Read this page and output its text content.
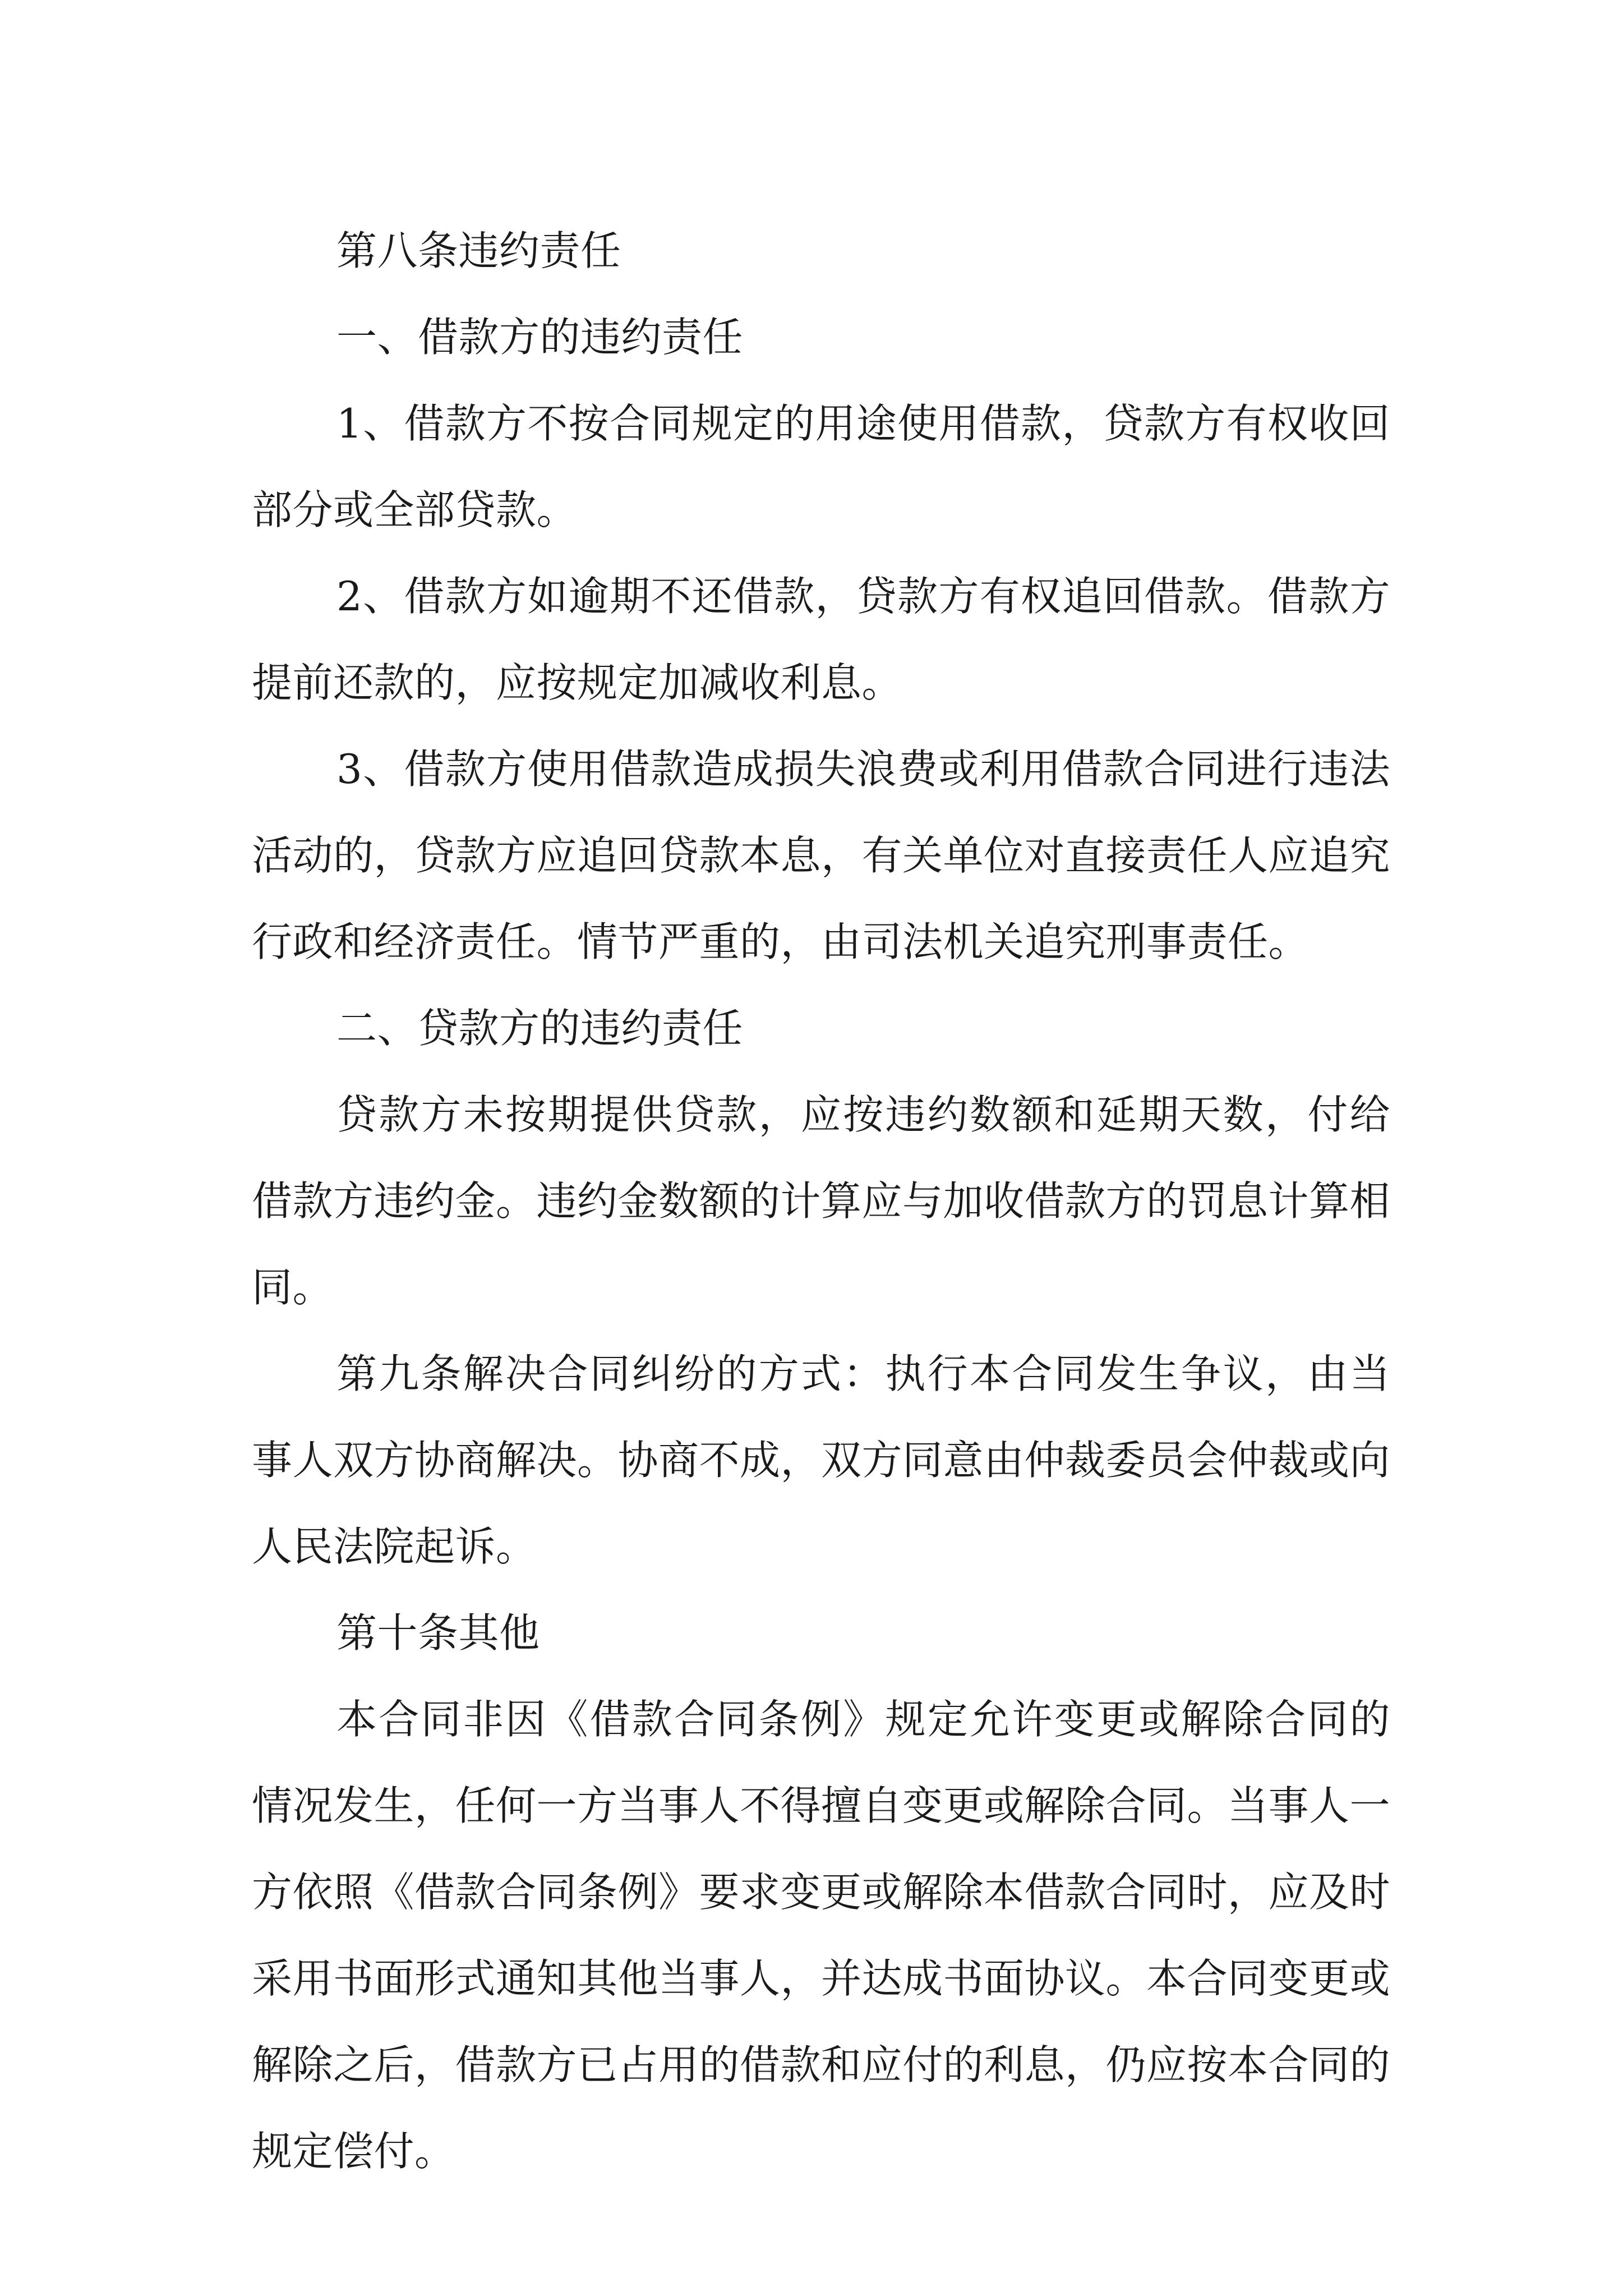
第八条违约责任

一、借款方的违约责任

1、借款方不按合同规定的用途使用借款，贷款方有权收回部分或全部贷款。

2、借款方如逾期不还借款，贷款方有权追回借款。借款方提前还款的，应按规定加减收利息。

3、借款方使用借款造成损失浪费或利用借款合同进行违法活动的，贷款方应追回贷款本息，有关单位对直接责任人应追究行政和经济责任。情节严重的，由司法机关追究刑事责任。

二、贷款方的违约责任

贷款方未按期提供贷款，应按违约数额和延期天数，付给借款方违约金。违约金数额的计算应与加收借款方的罚息计算相同。

第九条解决合同纠纷的方式：执行本合同发生争议，由当事人双方协商解决。协商不成，双方同意由仲裁委员会仲裁或向人民法院起诉。

第十条其他

本合同非因《借款合同条例》规定允许变更或解除合同的情况发生，任何一方当事人不得擅自变更或解除合同。当事人一方依照《借款合同条例》要求变更或解除本借款合同时，应及时采用书面形式通知其他当事人，并达成书面协议。本合同变更或解除之后，借款方已占用的借款和应付的利息，仍应按本合同的规定偿付。
